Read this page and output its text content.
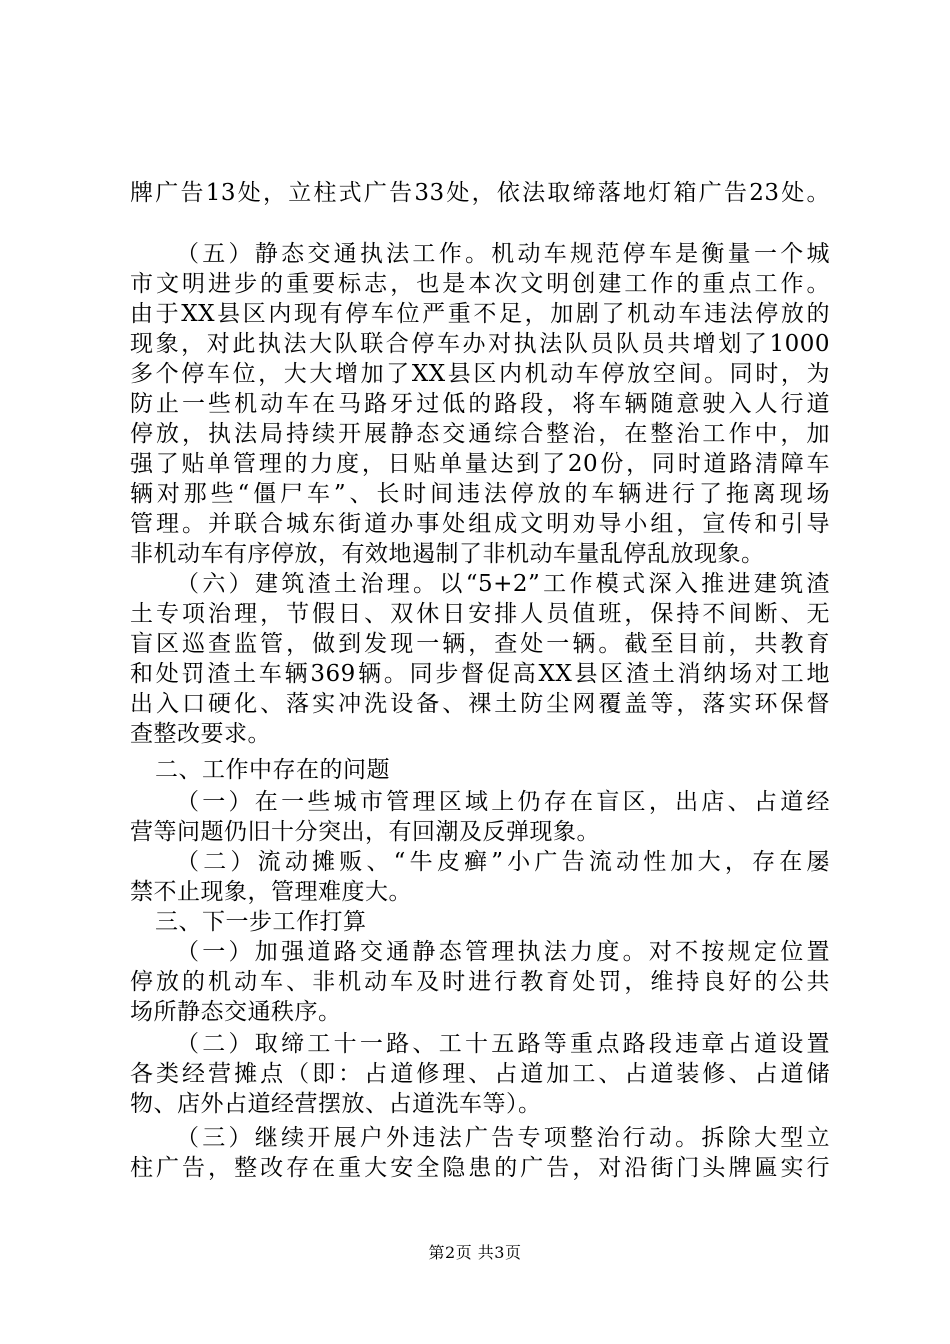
牌广告13处，立柱式广告33处，依法取缔落地灯箱广告23处。
（五）静态交通执法工作。机动车规范停车是衡量一个城
市文明进步的重要标志，也是本次文明创建工作的重点工作。
由于XX县区内现有停车位严重不足，加剧了机动车违法停放的
现象，对此执法大队联合停车办对执法队员队员共增划了1000
多个停车位，大大增加了XX县区内机动车停放空间。同时，为
防止一些机动车在马路牙过低的路段，将车辆随意驶入人行道
停放，执法局持续开展静态交通综合整治，在整治工作中，加
强了贴单管理的力度，日贴单量达到了20份，同时道路清障车
辆对那些“僵尸车”、长时间违法停放的车辆进行了拖离现场
管理。并联合城东街道办事处组成文明劝导小组，宣传和引导
非机动车有序停放，有效地遏制了非机动车量乱停乱放现象。
（六）建筑渣土治理。以“5+2”工作模式深入推进建筑渣
土专项治理，节假日、双休日安排人员值班，保持不间断、无
盲区巡查监管，做到发现一辆，查处一辆。截至目前，共教育
和处罚渣土车辆369辆。同步督促高XX县区渣土消纳场对工地
出入口硬化、落实冲洗设备、裸土防尘网覆盖等，落实环保督
查整改要求。
二、工作中存在的问题
（一）在一些城市管理区域上仍存在盲区，出店、占道经
营等问题仍旧十分突出，有回潮及反弹现象。
（二）流动摊贩、“牛皮癣”小广告流动性加大，存在屡
禁不止现象，管理难度大。
三、下一步工作打算
（一）加强道路交通静态管理执法力度。对不按规定位置
停放的机动车、非机动车及时进行教育处罚，维持良好的公共
场所静态交通秩序。
（二）取缔工十一路、工十五路等重点路段违章占道设置
各类经营摊点（即：占道修理、占道加工、占道装修、占道储
物、店外占道经营摆放、占道洗车等）。
（三）继续开展户外违法广告专项整治行动。拆除大型立
柱广告，整改存在重大安全隐患的广告，对沿街门头牌匾实行
第2页 共3页
